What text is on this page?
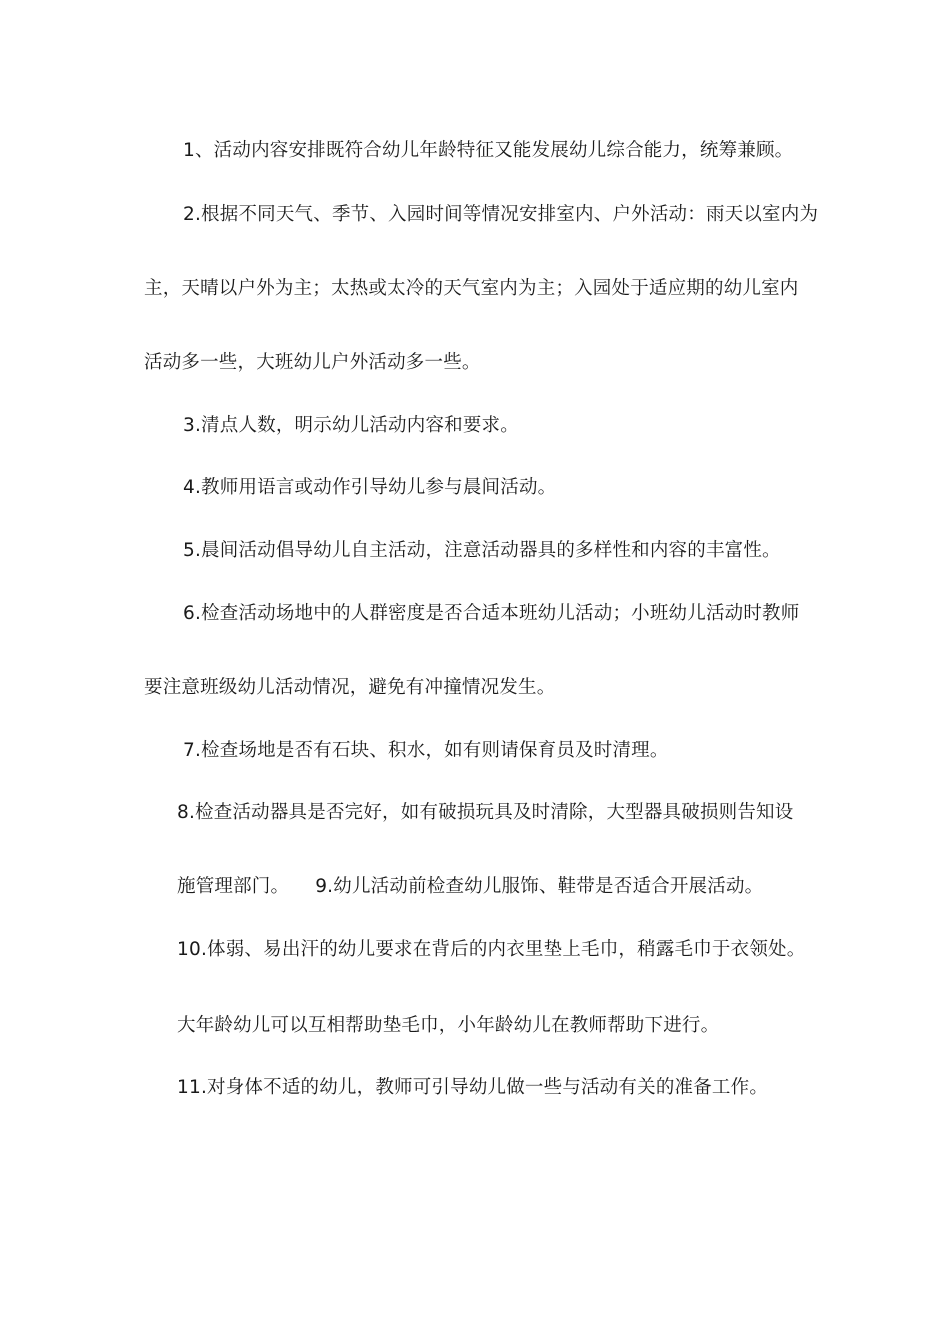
1、活动内容安排既符合幼儿年龄特征又能发展幼儿综合能力，统筹兼顾。
2.根据不同天气、季节、入园时间等情况安排室内、户外活动：雨天以室内为
主，天晴以户外为主；太热或太冷的天气室内为主；入园处于适应期的幼儿室内
活动多一些，大班幼儿户外活动多一些。
3.清点人数，明示幼儿活动内容和要求。
4.教师用语言或动作引导幼儿参与晨间活动。
5.晨间活动倡导幼儿自主活动，注意活动器具的多样性和内容的丰富性。
6.检查活动场地中的人群密度是否合适本班幼儿活动；小班幼儿活动时教师
要注意班级幼儿活动情况，避免有冲撞情况发生。
7.检查场地是否有石块、积水，如有则请保育员及时清理。
8.检查活动器具是否完好，如有破损玩具及时清除，大型器具破损则告知设
施管理部门。 9.幼儿活动前检查幼儿服饰、鞋带是否适合开展活动。
10.体弱、易出汗的幼儿要求在背后的内衣里垫上毛巾，稍露毛巾于衣领处。
大年龄幼儿可以互相帮助垫毛巾，小年龄幼儿在教师帮助下进行。
11.对身体不适的幼儿，教师可引导幼儿做一些与活动有关的准备工作。
